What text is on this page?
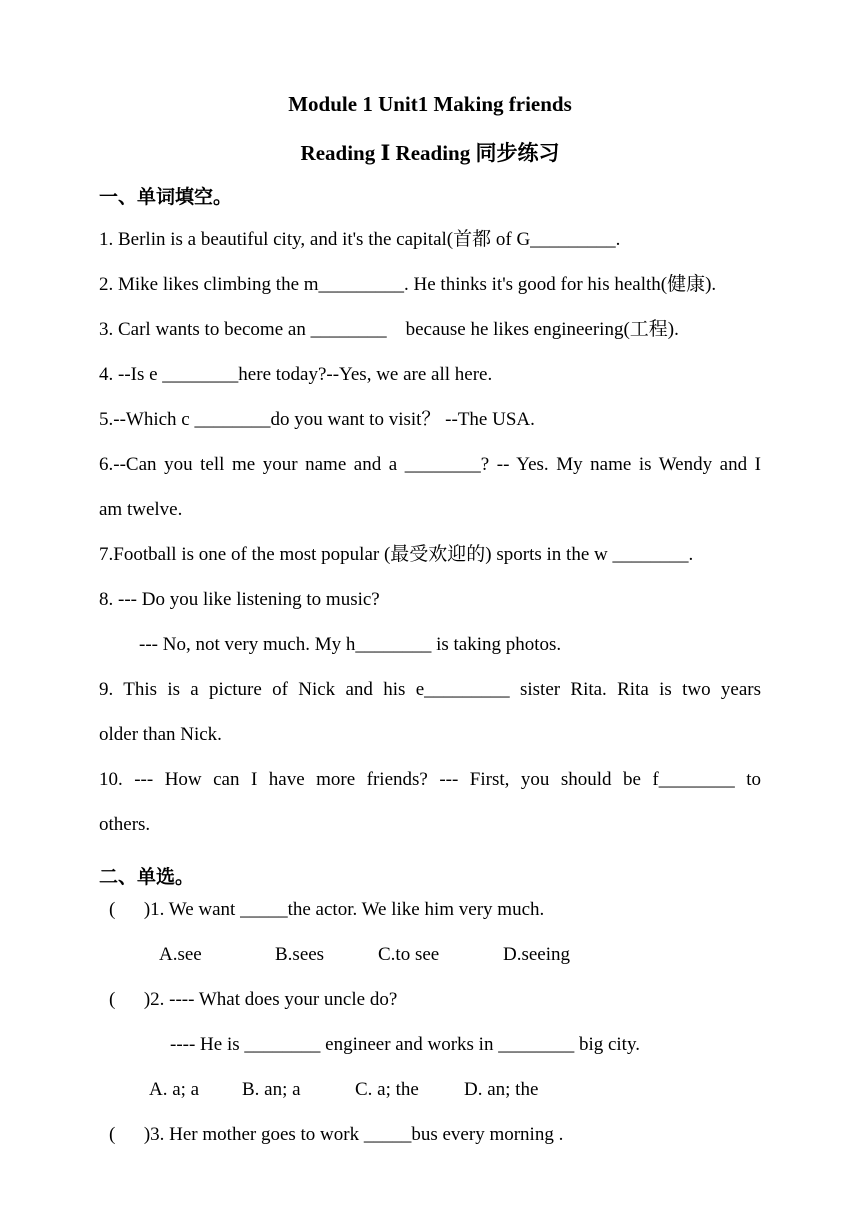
Module 1 Unit1 Making friends
Reading Ⅰ Reading 同步练习
一、单词填空。

1. Berlin is a beautiful city, and it's the capital(首都 of G_________.

2. Mike likes climbing the m_________. He thinks it's good for his health(健康).

3. Carl wants to become an ________    because he likes engineering(工程).

4. --Is e ________here today?--Yes, we are all here.

5.--Which c ________do you want to visit？ --The USA.

6.--Can you tell me your name and a ________? -- Yes. My name is Wendy and I

am twelve.

7.Football is one of the most popular (最受欢迎的) sports in the w ________.

8. --- Do you like listening to music?

--- No, not very much. My h________ is taking photos.

9. This is a picture of Nick and his e_________ sister Rita. Rita is two years

older than Nick.

10. --- How can I have more friends? --- First, you should be f________ to

others.

二、单选。

(      )1. We want _____the actor. We like him very much.

A.see	B.sees	C.to see	D.seeing

(      )2. ---- What does your uncle do?

---- He is ________ engineer and works in ________ big city.

A. a; a B. an; a	C. a; the D. an; the

(      )3. Her mother goes to work _____bus every morning .
